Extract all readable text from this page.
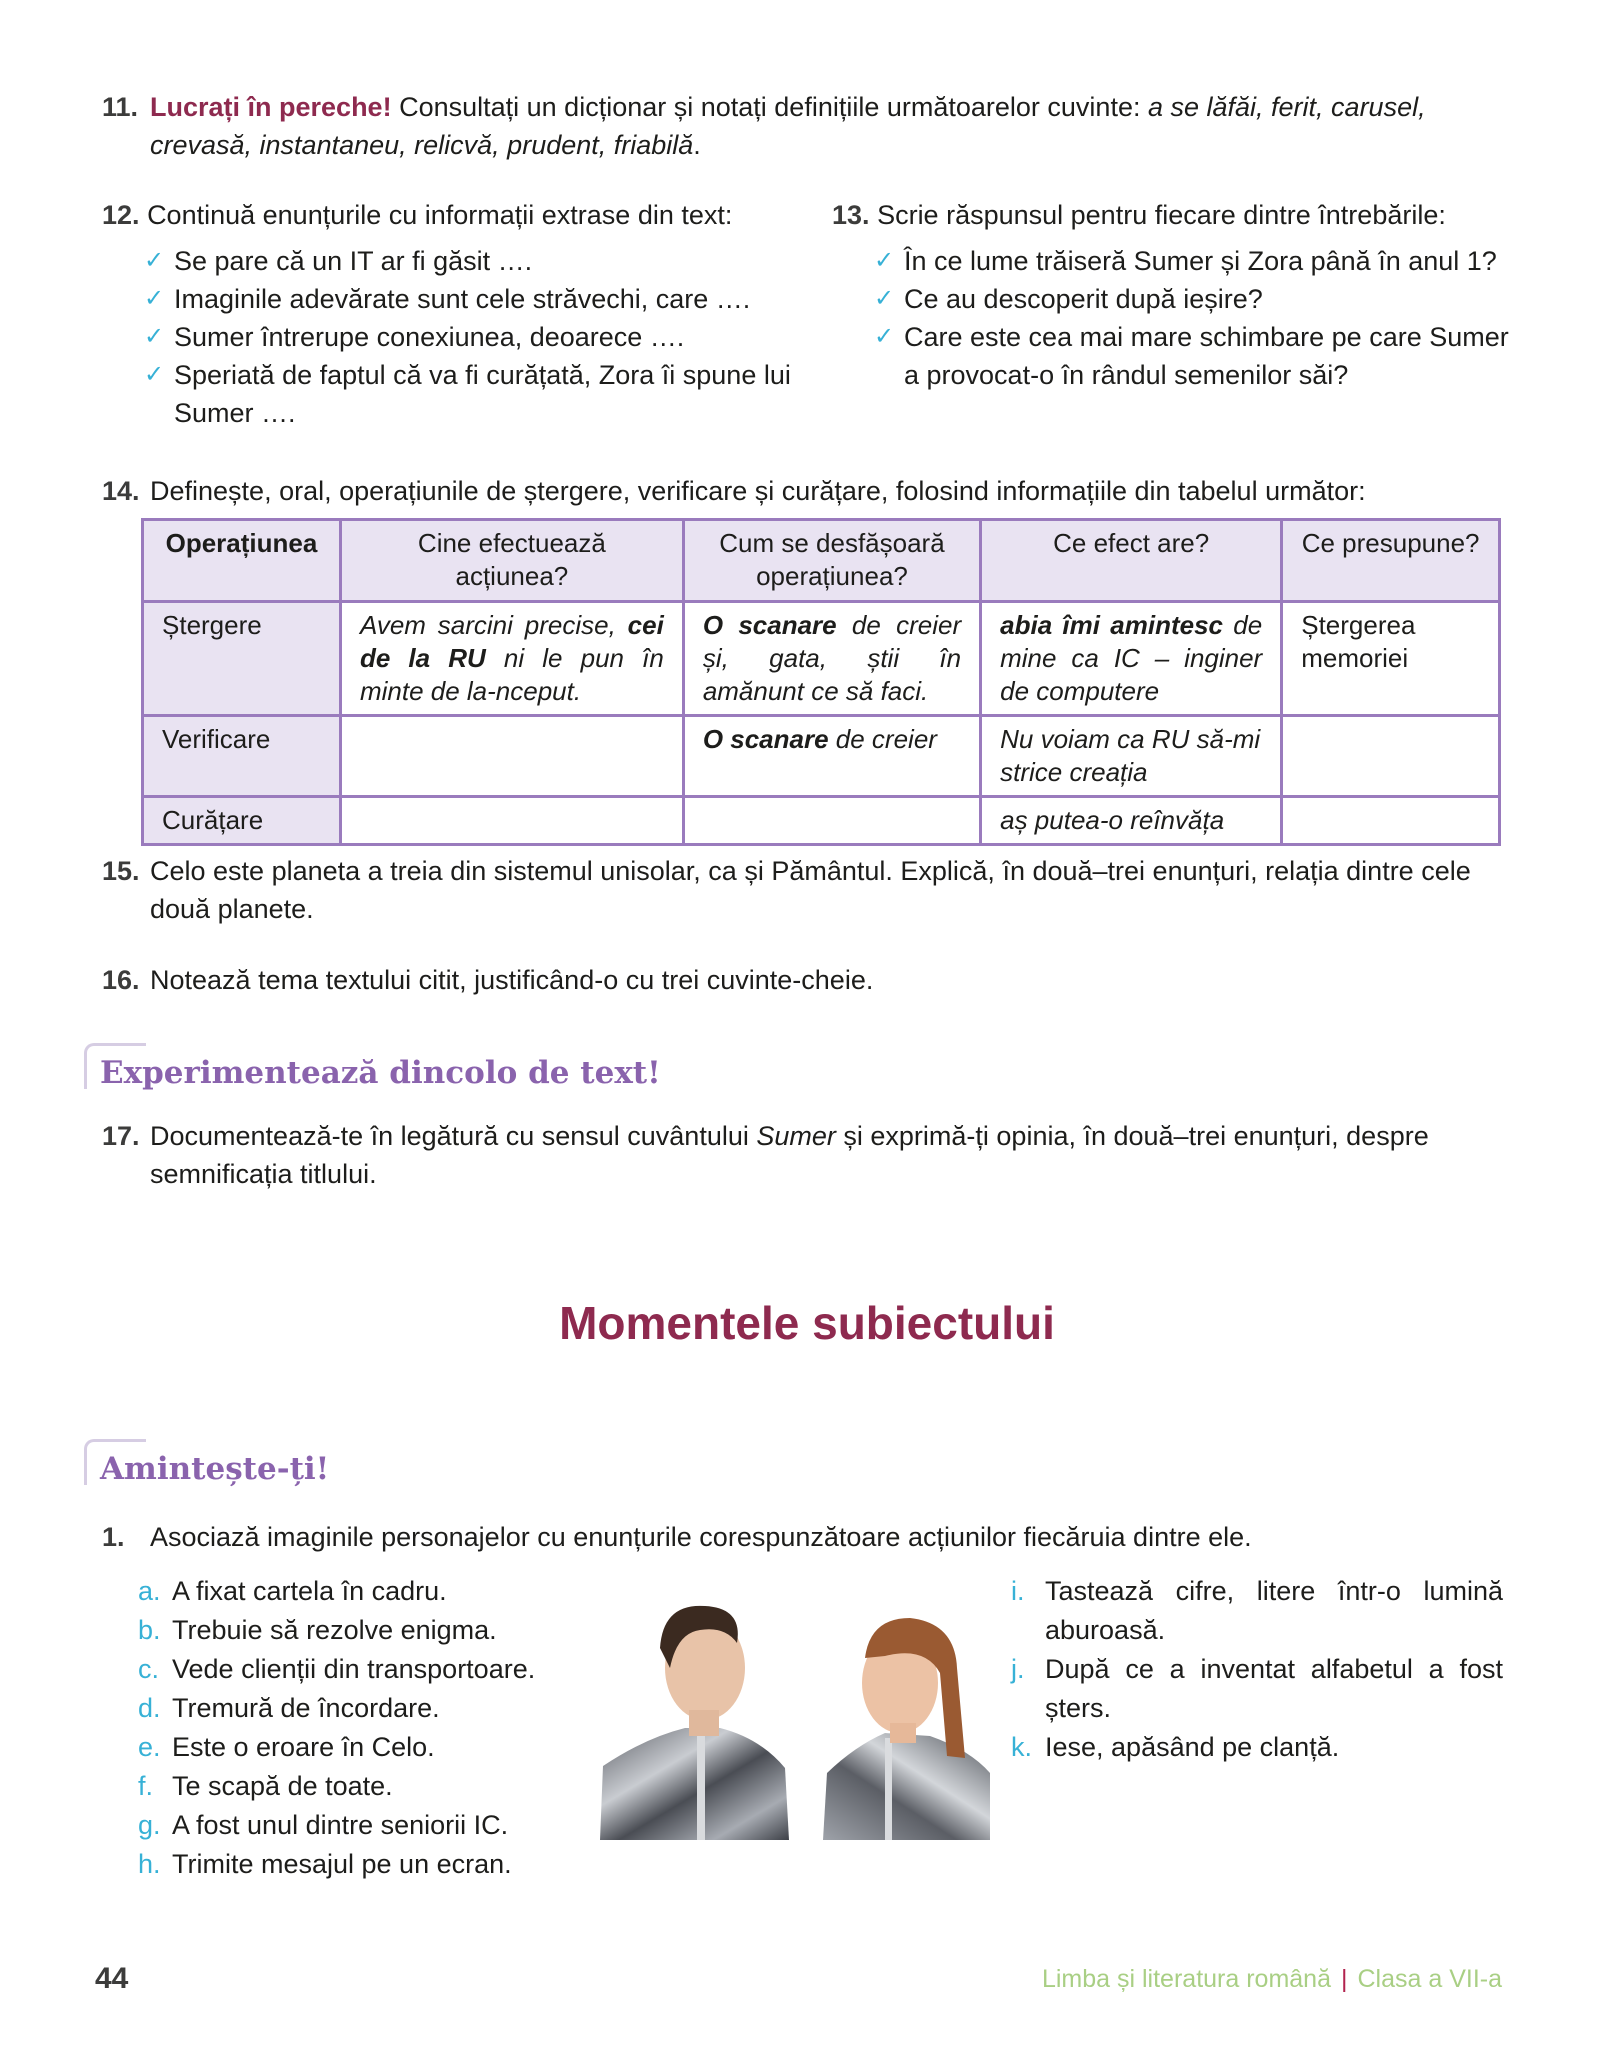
11. Lucrați în pereche! Consultați un dicționar și notați definițiile următoarelor cuvinte: a se lăfăi, ferit, carusel, crevasă, instantaneu, relicvă, prudent, friabilă.

12. Continuă enunțurile cu informații extrase din text:

✓ Se pare că un IT ar fi găsit ….
✓ Imaginile adevărate sunt cele străvechi, care ….
✓ Sumer întrerupe conexiunea, deoarece ….
✓ Speriată de faptul că va fi curățată, Zora îi spune lui Sumer ….

13. Scrie răspunsul pentru fiecare dintre întrebările:

✓ În ce lume trăiseră Sumer și Zora până în anul 1?
✓ Ce au descoperit după ieșire?
✓ Care este cea mai mare schimbare pe care Sumer a provocat-o în rândul semenilor săi?

14. Definește, oral, operațiunile de ștergere, verificare și curățare, folosind informațiile din tabelul următor:

Operațiunea	Cine efectuează acțiunea?	Cum se desfășoară operațiunea?	Ce efect are?	Ce presupune?
Ștergere	Avem sarcini precise, cei de la RU ni le pun în minte de la-nceput.	O scanare de creier și, gata, știi în amănunt ce să faci.	abia îmi amintesc de mine ca IC – inginer de computere	Ștergerea memoriei
Verificare		O scanare de creier	Nu voiam ca RU să-mi strice creația	
Curățare			aș putea-o reînvăța	

15. Celo este planeta a treia din sistemul unisolar, ca și Pământul. Explică, în două–trei enunțuri, relația dintre cele două planete.

16. Notează tema textului citit, justificând-o cu trei cuvinte-cheie.

Experimentează dincolo de text!

17. Documentează-te în legătură cu sensul cuvântului Sumer și exprimă-ți opinia, în două–trei enunțuri, despre semnificația titlului.

Momentele subiectului
Amintește-ți!

1. Asociază imaginile personajelor cu enunțurile corespunzătoare acțiunilor fiecăruia dintre ele.

a. A fixat cartela în cadru.
b. Trebuie să rezolve enigma.
c. Vede clienții din transportoare.
d. Tremură de încordare.
e. Este o eroare în Celo.
f. Te scapă de toate.
g. A fost unul dintre seniorii IC.
h. Trimite mesajul pe un ecran.
i. Tastează cifre, litere într-o lumină aburoasă.
j. După ce a inventat alfabetul a fost șters.
k. Iese, apăsând pe clanță.
44	Limba și literatura română | Clasa a VII-a
